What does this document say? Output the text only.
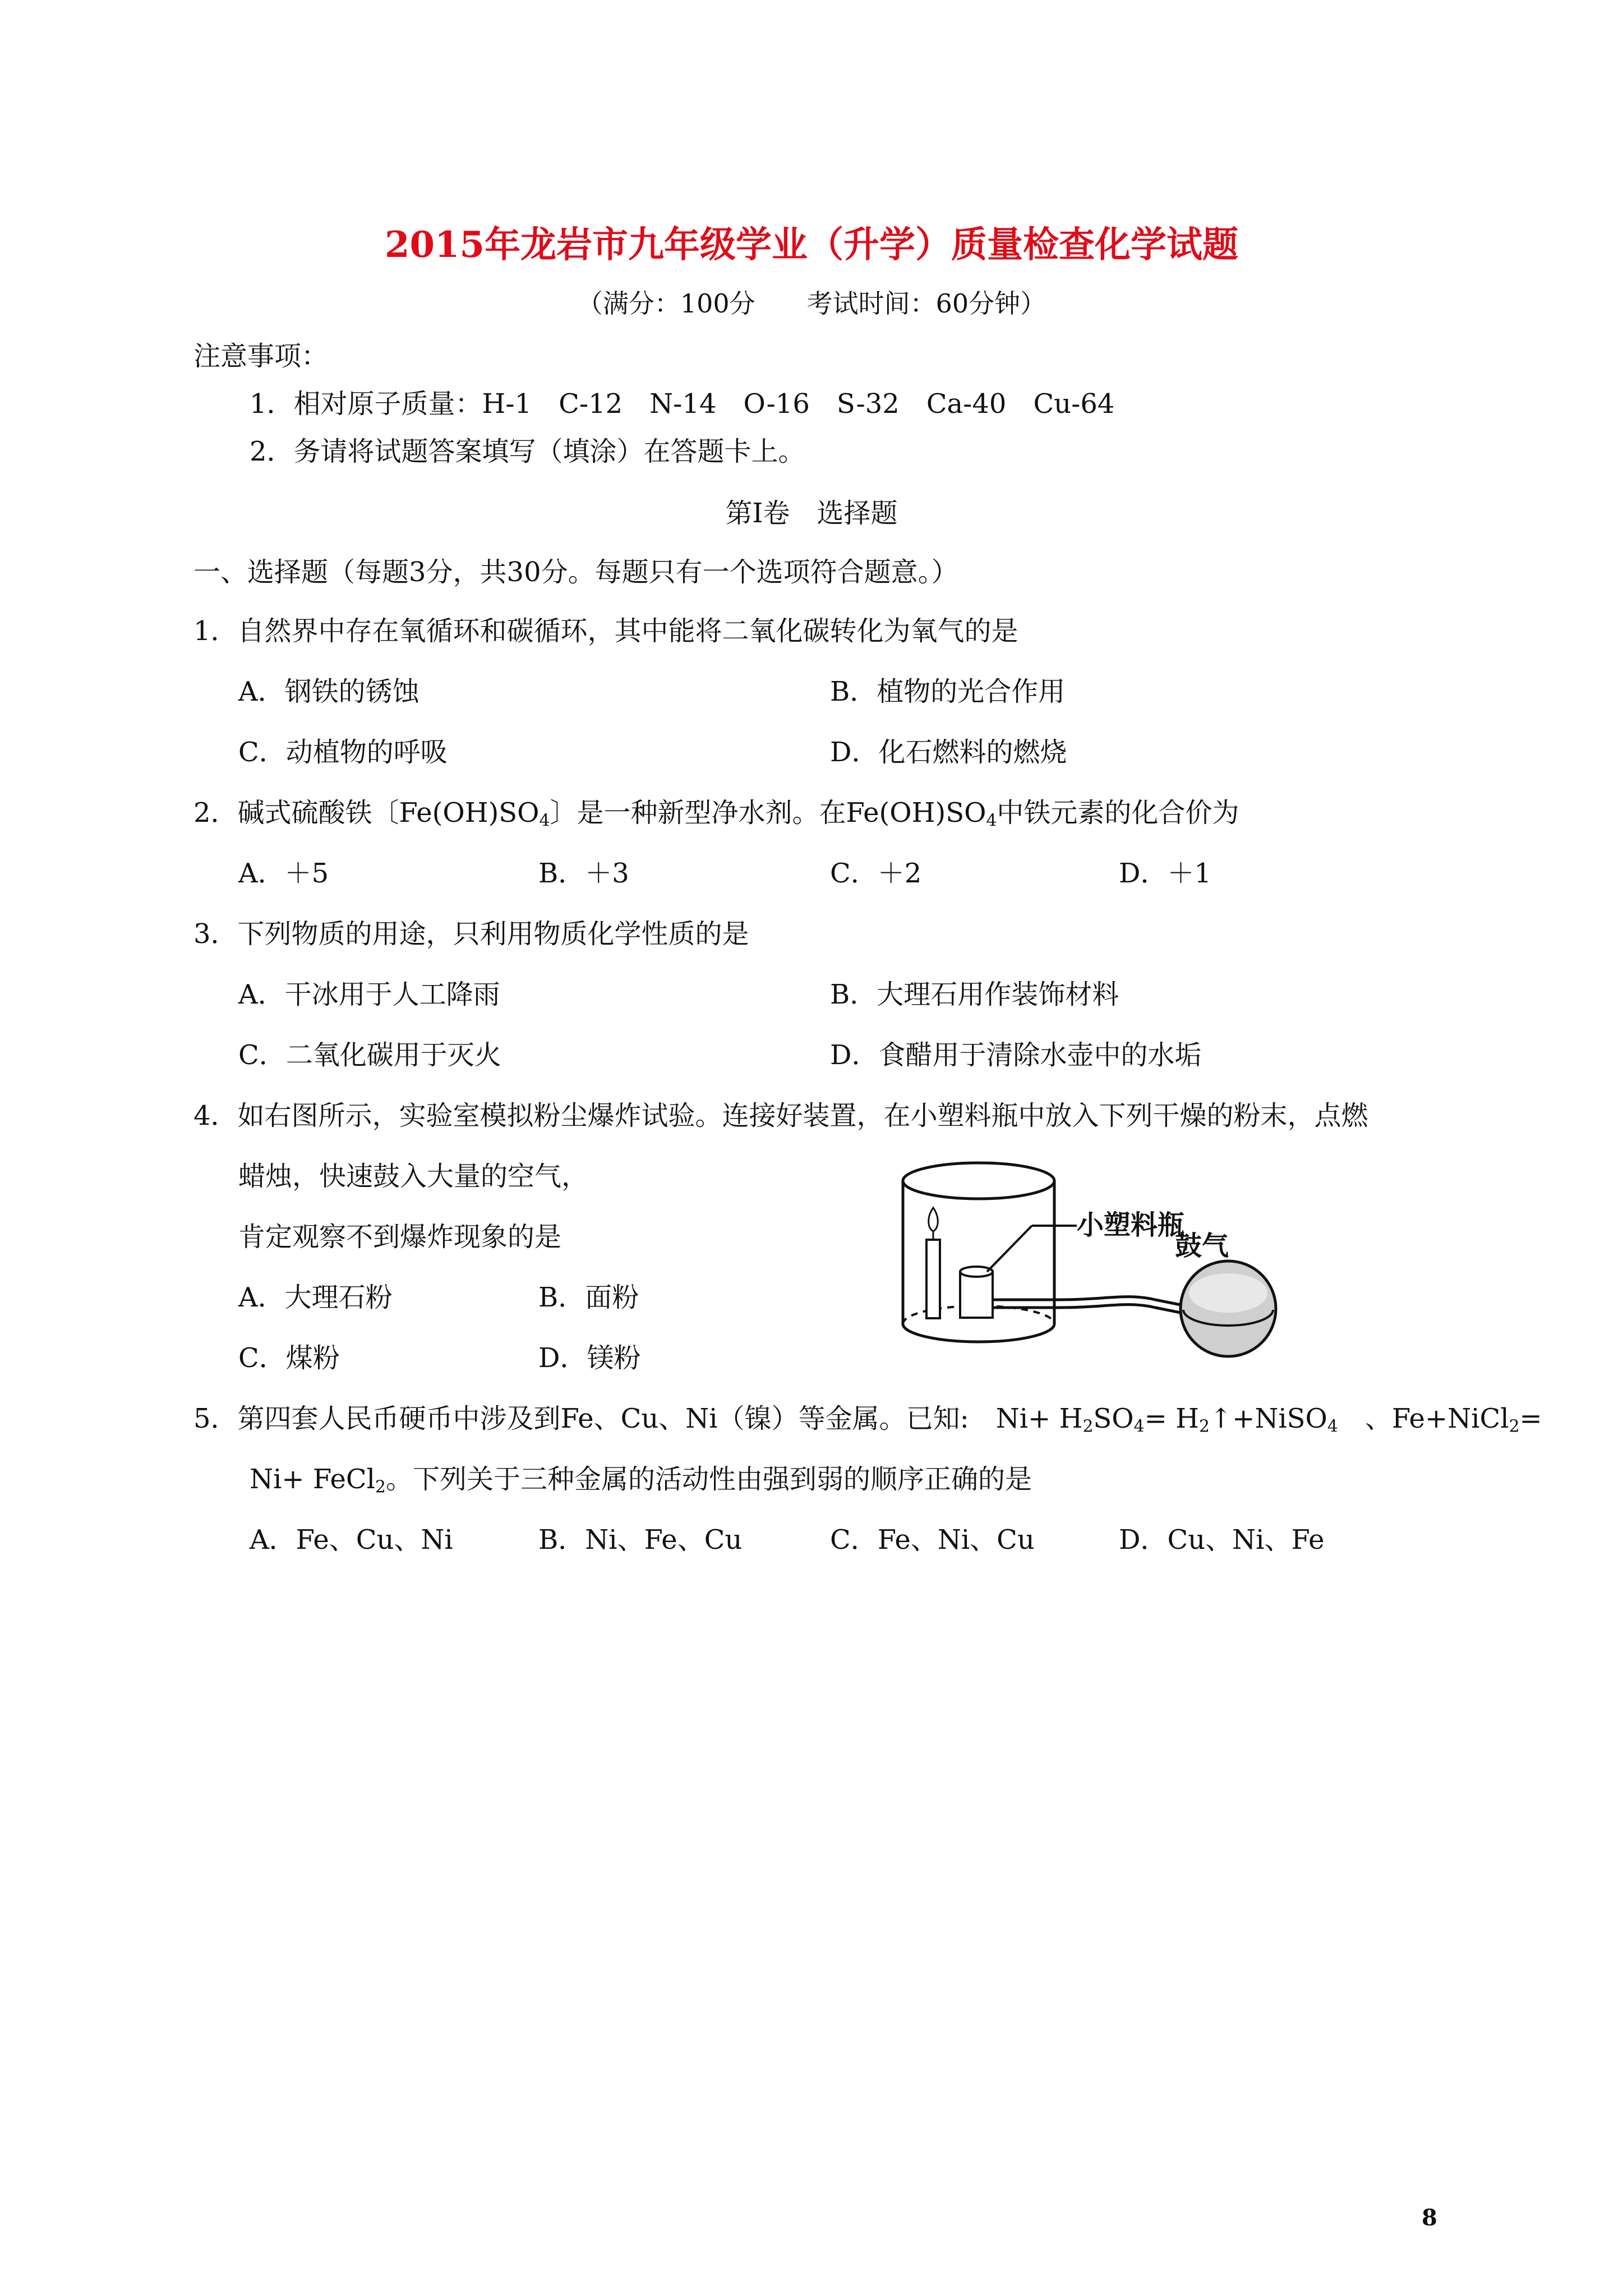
2015年龙岩市九年级学业（升学）质量检查化学试题
（满分：100分　　考试时间：60分钟）
注意事项：
1．相对原子质量：H-1　C-12　N-14　O-16　S-32　Ca-40　Cu-64
2．务请将试题答案填写（填涂）在答题卡上。
第Ⅰ卷　选择题
一、选择题（每题3分，共30分。每题只有一个选项符合题意。）
1．自然界中存在氧循环和碳循环，其中能将二氧化碳转化为氧气的是
A．钢铁的锈蚀	B．植物的光合作用
C．动植物的呼吸	D．化石燃料的燃烧
2．碱式硫酸铁〔$Fe(OH)SO_4$〕是一种新型净水剂。在$Fe(OH)SO_4$中铁元素的化合价为
A．＋5	B．＋3	C．＋2	D．＋1
3．下列物质的用途，只利用物质化学性质的是
A．干冰用于人工降雨	B．大理石用作装饰材料
C．二氧化碳用于灭火	D．食醋用于清除水壶中的水垢
4．如右图所示，实验室模拟粉尘爆炸试验。连接好装置，在小塑料瓶中放入下列干燥的粉末，点燃
蜡烛，快速鼓入大量的空气，
肯定观察不到爆炸现象的是
A．大理石粉	B．面粉
C．煤粉	D．镁粉
小塑料瓶
鼓气
5．第四套人民币硬币中涉及到Fe、Cu、Ni（镍）等金属。已知:　$Ni+ H_2SO_4=$ $H_2↑+NiSO_4$　、Fe+NiCl$_2$=
Ni+ FeCl$_2$。下列关于三种金属的活动性由强到弱的顺序正确的是
A．Fe、Cu、Ni	B．Ni、Fe、Cu	C．Fe、Ni、Cu	D．Cu、Ni、Fe
8
